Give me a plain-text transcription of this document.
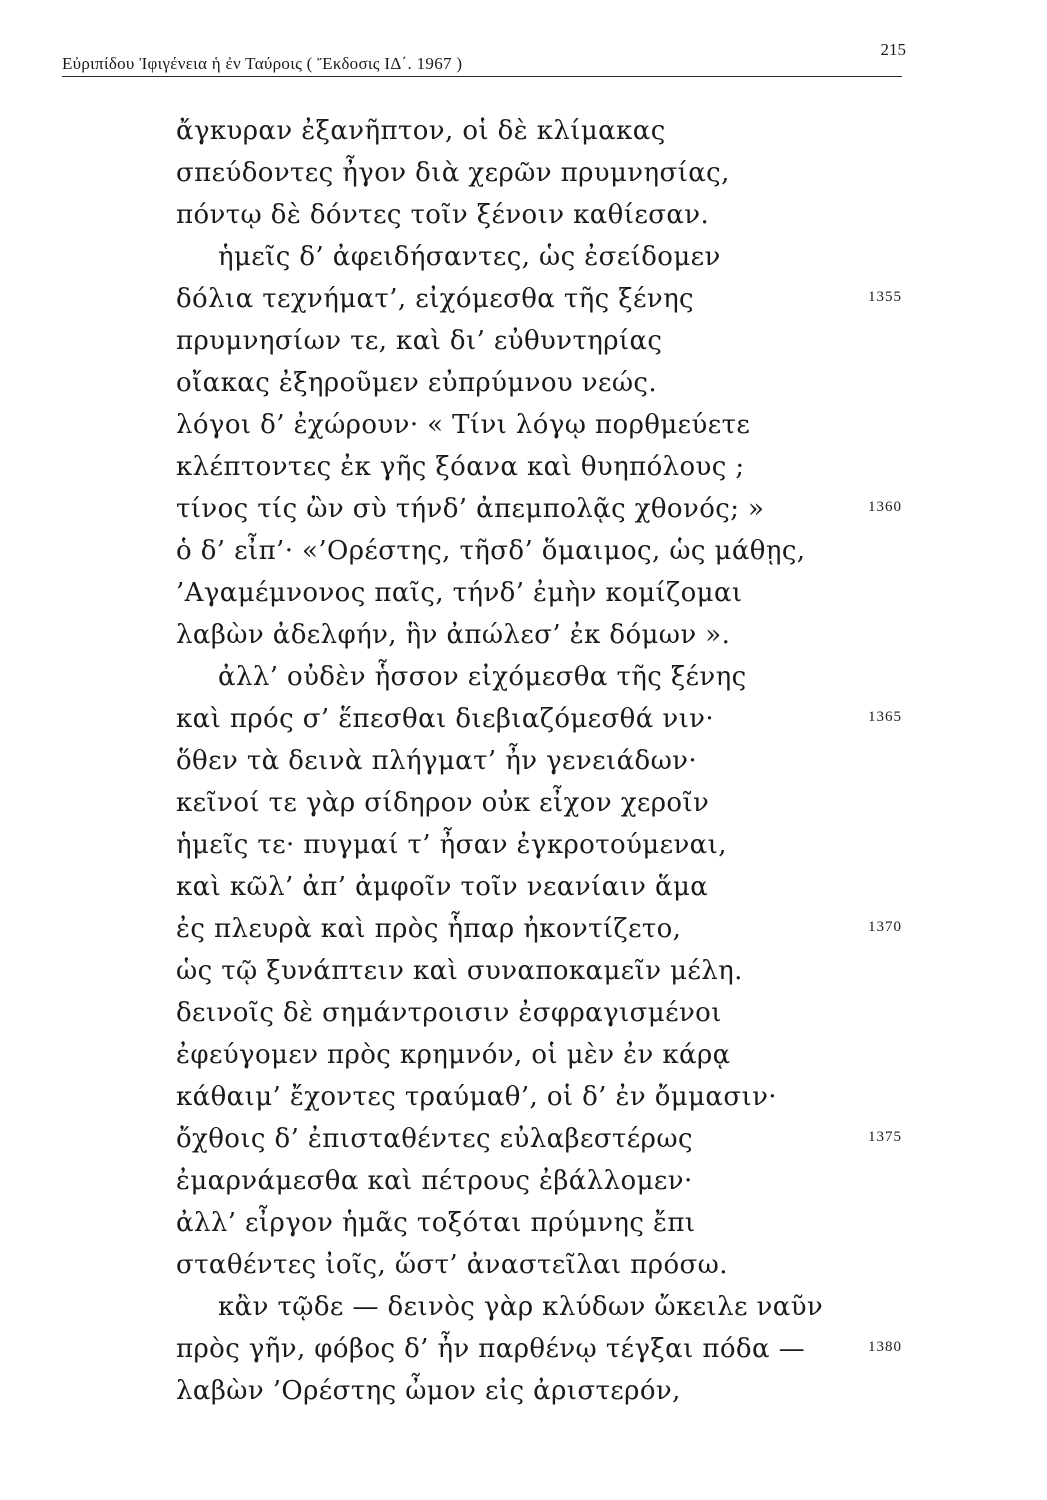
Εὐριπίδου Ἰφιγένεια ἡ ἐν Ταύροις ( Ἔκδοσις ΙΔ΄. 1967 )
215
ἄγκυραν ἐξανῆπτον, οἱ δὲ κλίμακας
σπεύδοντες ἦγον διὰ χερῶν πρυμνησίας,
πόντῳ δὲ δόντες τοῖν ξένοιν καθίεσαν.
ἡμεῖς δ’ ἀφειδήσαντες, ὡς ἐσείδομεν
δόλια τεχνήματ’, εἰχόμεσθα τῆς ξένης
πρυμνησίων τε, καὶ δι’ εὐθυντηρίας
οἴακας ἐξηροῦμεν εὐπρύμνου νεώς.
λόγοι δ’ ἐχώρουν· « Τίνι λόγῳ πορθμεύετε
κλέπτοντες ἐκ γῆς ξόανα καὶ θυηπόλους ;
τίνος τίς ὢν σὺ τήνδ’ ἀπεμπολᾷς χθονός; »
ὁ δ’ εἶπ’· «’Ορέστης, τῆσδ’ ὅμαιμος, ὡς μάθῃς,
’Αγαμέμνονος παῖς, τήνδ’ ἐμὴν κομίζομαι
λαβὼν ἀδελφήν, ἣν ἀπώλεσ’ ἐκ δόμων ».
ἀλλ’ οὐδὲν ἧσσον εἰχόμεσθα τῆς ξένης
καὶ πρός σ’ ἕπεσθαι διεβιαζόμεσθά νιν·
ὅθεν τὰ δεινὰ πλήγματ’ ἦν γενειάδων·
κεῖνοί τε γὰρ σίδηρον οὐκ εἶχον χεροῖν
ἡμεῖς τε· πυγμαί τ’ ἦσαν ἐγκροτούμεναι,
καὶ κῶλ’ ἀπ’ ἀμφοῖν τοῖν νεανίαιν ἅμα
ἐς πλευρὰ καὶ πρὸς ἧπαρ ἠκοντίζετο,
ὡς τῷ ξυνάπτειν καὶ συναποκαμεῖν μέλη.
δεινοῖς δὲ σημάντροισιν ἐσφραγισμένοι
ἐφεύγομεν πρὸς κρημνόν, οἱ μὲν ἐν κάρᾳ
κάθαιμ’ ἔχοντες τραύμαθ’, οἱ δ’ ἐν ὄμμασιν·
ὄχθοις δ’ ἐπισταθέντες εὐλαβεστέρως
ἐμαρνάμεσθα καὶ πέτρους ἐβάλλομεν·
ἀλλ’ εἶργον ἡμᾶς τοξόται πρύμνης ἔπι
σταθέντες ἰοῖς, ὥστ’ ἀναστεῖλαι πρόσω.
κἂν τῷδε — δεινὸς γὰρ κλύδων ὤκειλε ναῦν
πρὸς γῆν, φόβος δ’ ἦν παρθένῳ τέγξαι πόδα —
λαβὼν ’Ορέστης ὦμον εἰς ἀριστερόν,
1355
1360
1365
1370
1375
1380
